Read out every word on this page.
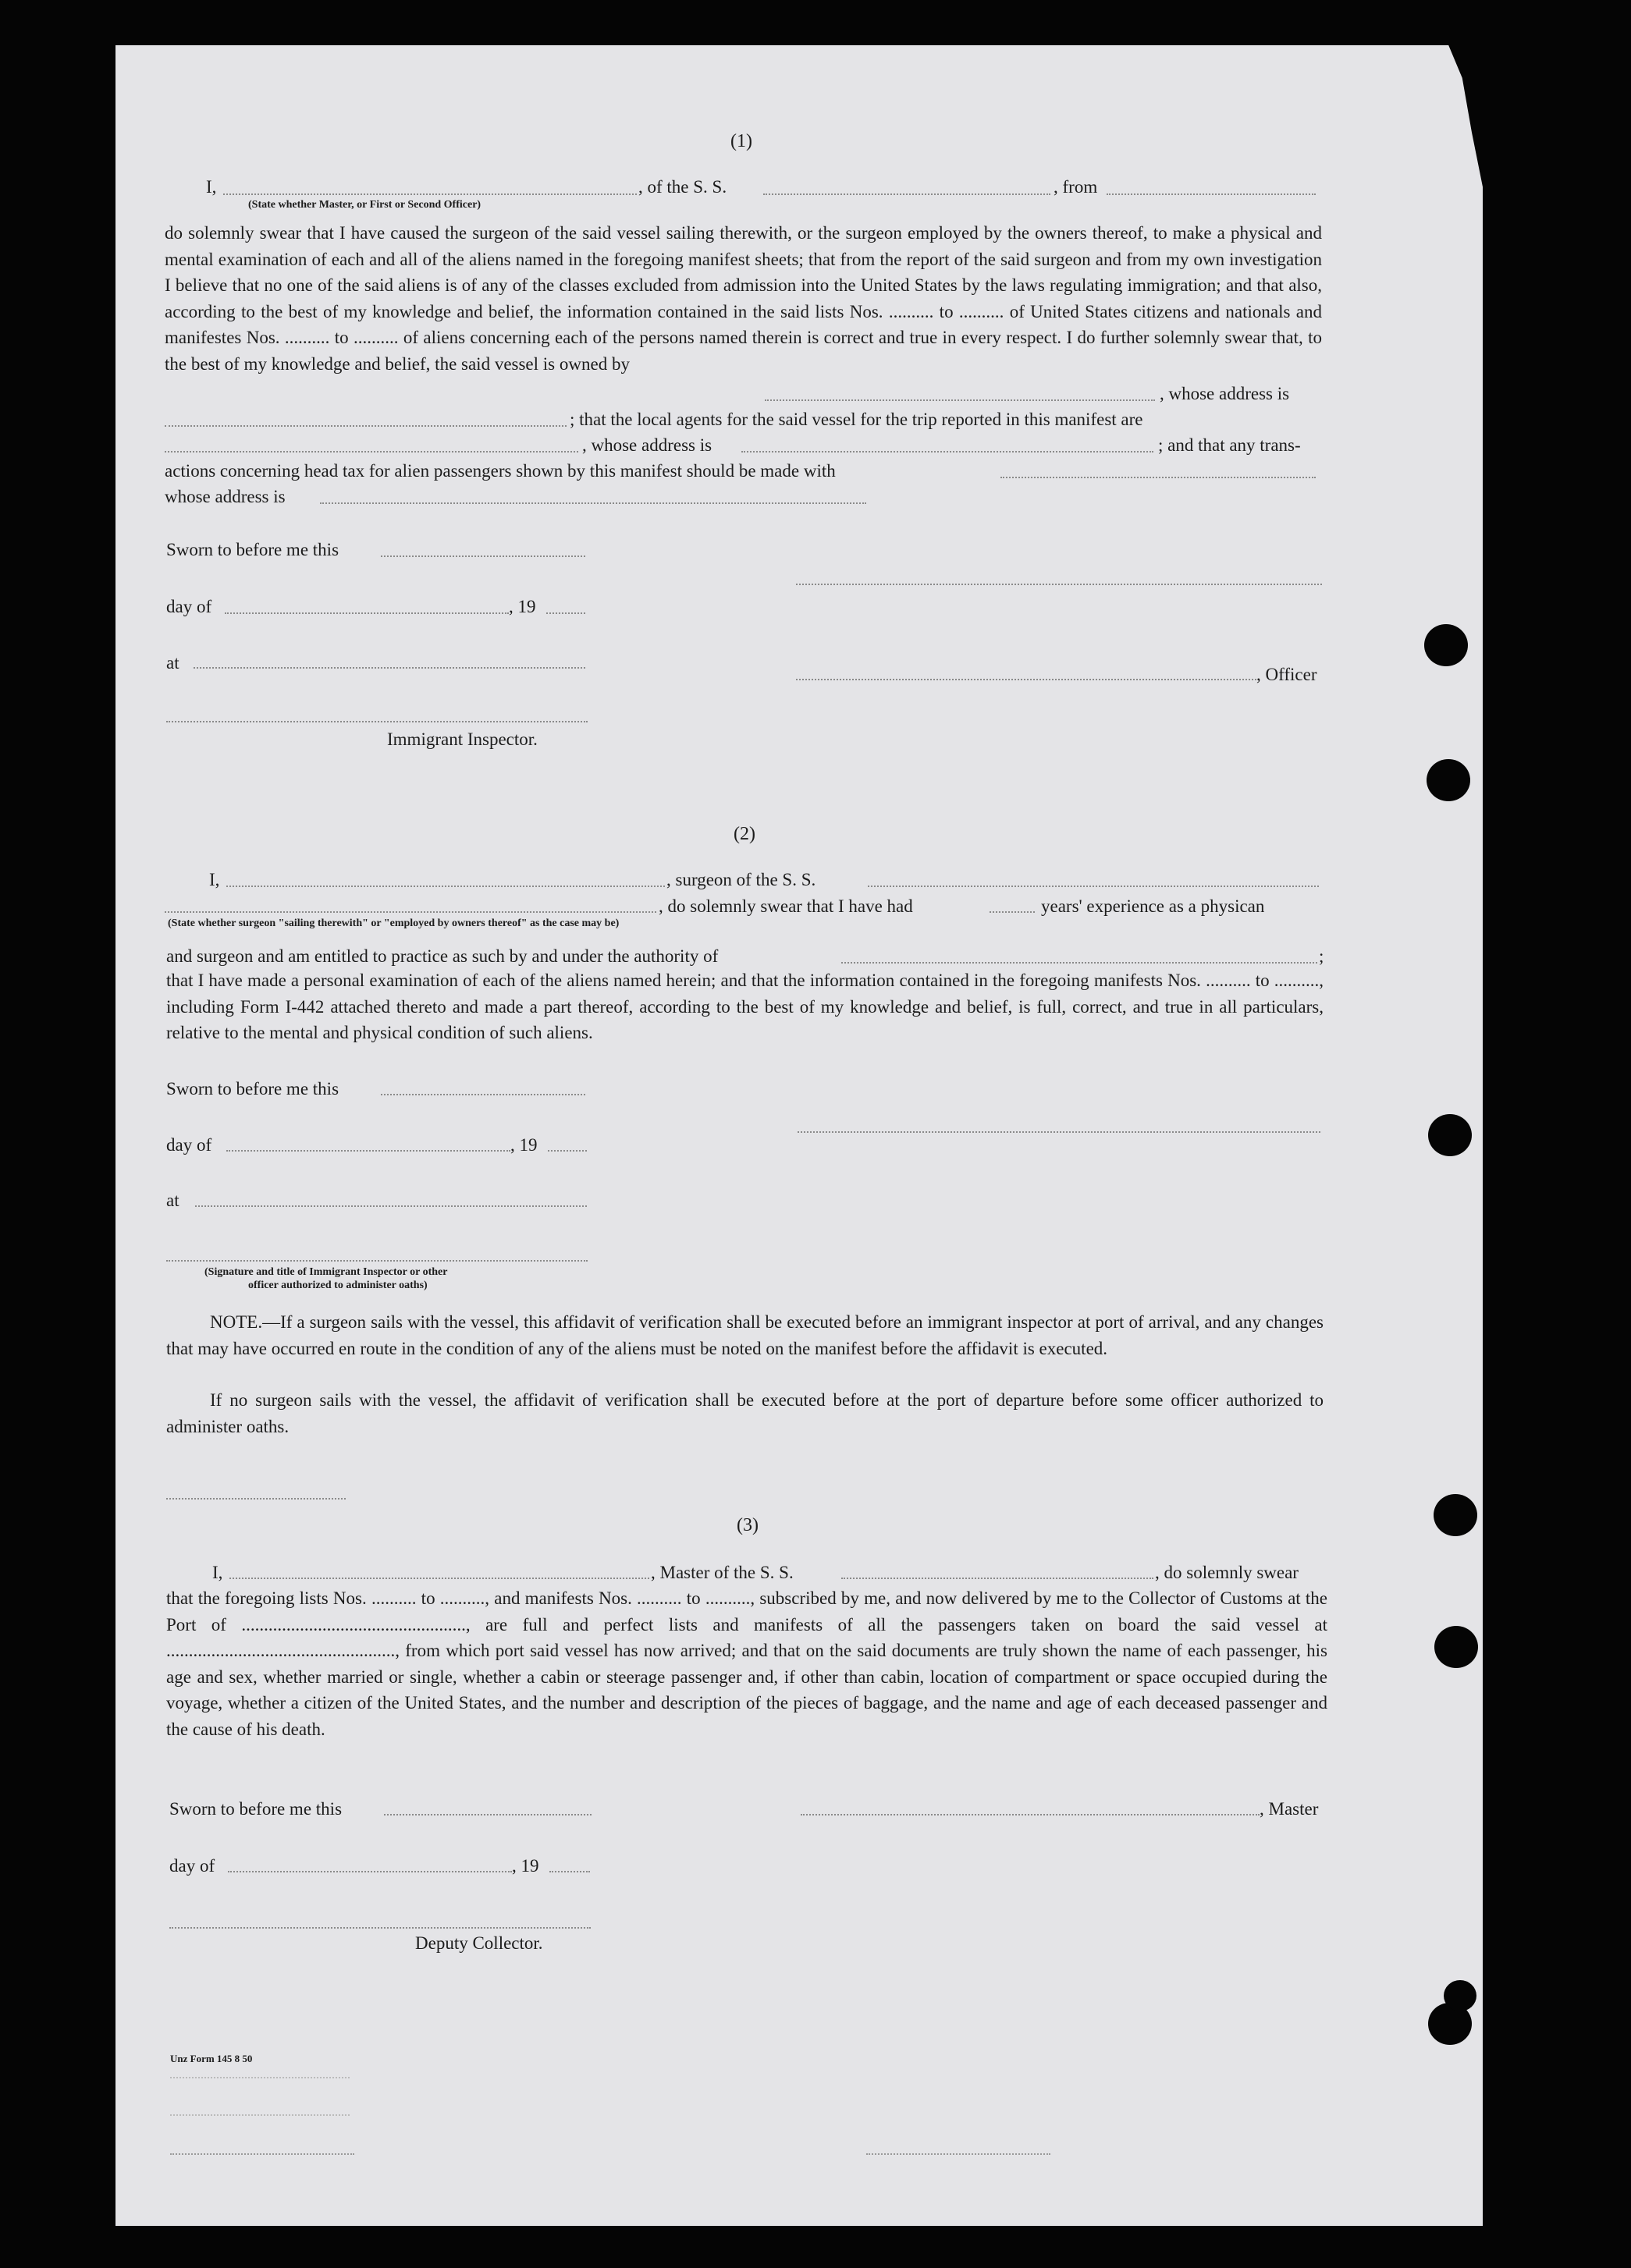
(1)
I,	, of the S. S.	, from
(State whether Master, or First or Second Officer)

do solemnly swear that I have caused the surgeon of the said vessel sailing therewith, or the surgeon employed by the owners thereof, to make a physical and mental examination of each and all of the aliens named in the foregoing manifest sheets; that from the report of the said surgeon and from my own investigation I believe that no one of the said aliens is of any of the classes excluded from admission into the United States by the laws regulating immigration; and that also, according to the best of my knowledge and belief, the information contained in the said lists Nos. .......... to .......... of United States citizens and nationals and manifestes Nos. .......... to .......... of aliens concerning each of the persons named therein is correct and true in every respect. I do further solemnly swear that, to the best of my knowledge and belief, the said vessel is owned by

, whose address is
; that the local agents for the said vessel for the trip reported in this manifest are
, whose address is	; and that any trans-
actions concerning head tax for alien passengers shown by this manifest should be made with
whose address is
Sworn to before me this
day of	, 19
at
, Officer
Immigrant Inspector.
(2)
I,	, surgeon of the S. S.
, do solemnly swear that I have had	years' experience as a physican
(State whether surgeon "sailing therewith" or "employed by owners thereof" as the case may be)
and surgeon and am entitled to practice as such by and under the authority of	;

that I have made a personal examination of each of the aliens named herein; and that the information contained in the foregoing manifests Nos. .......... to .........., including Form I-442 attached thereto and made a part thereof, according to the best of my knowledge and belief, is full, correct, and true in all particulars, relative to the mental and physical condition of such aliens.

Sworn to before me this
day of	, 19
at
(Signature and title of Immigrant Inspector or other
officer authorized to administer oaths)

NOTE.—If a surgeon sails with the vessel, this affidavit of verification shall be executed before an immigrant inspector at port of arrival, and any changes that may have occurred en route in the condition of any of the aliens must be noted on the manifest before the affidavit is executed.

If no surgeon sails with the vessel, the affidavit of verification shall be executed before at the port of departure before some officer authorized to administer oaths.

(3)
I,	, Master of the S. S.	, do solemnly swear

that the foregoing lists Nos. .......... to .........., and manifests Nos. .......... to .........., subscribed by me, and now delivered by me to the Collector of Customs at the Port of .................................................., are full and perfect lists and manifests of all the passengers taken on board the said vessel at ..................................................., from which port said vessel has now arrived; and that on the said documents are truly shown the name of each passenger, his age and sex, whether married or single, whether a cabin or steerage passenger and, if other than cabin, location of compartment or space occupied during the voyage, whether a citizen of the United States, and the number and description of the pieces of baggage, and the name and age of each deceased passenger and the cause of his death.

Sworn to before me this	, Master
day of	, 19
Deputy Collector.
Unz Form 145 8 50
